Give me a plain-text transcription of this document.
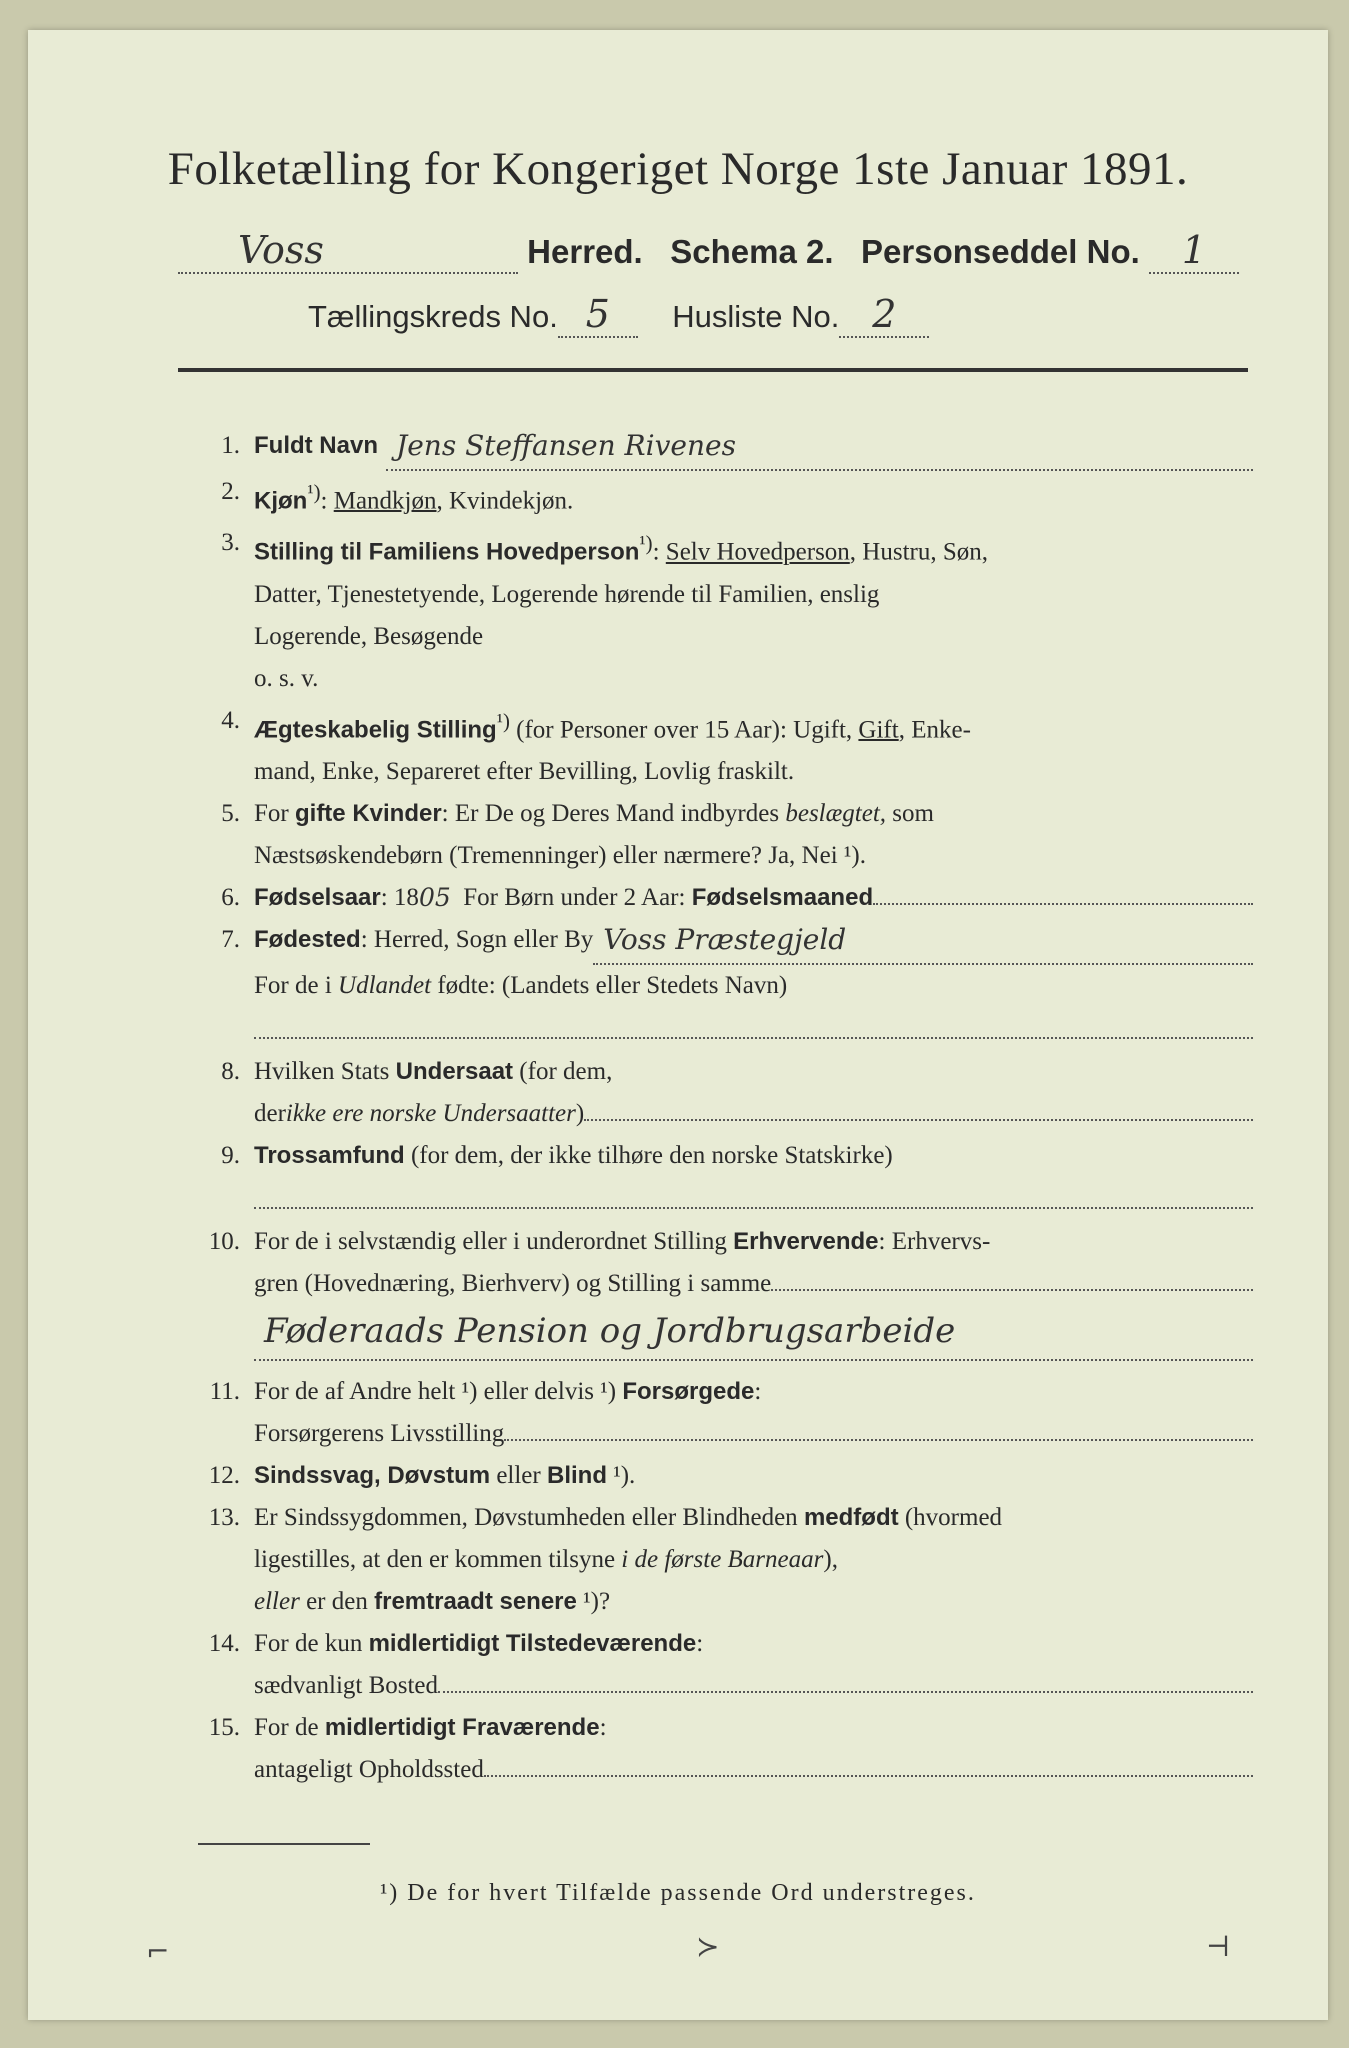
Folketælling for Kongeriget Norge 1ste Januar 1891.
Voss	Herred. Schema 2. Personseddel No. 1
Tællingskreds No. 5 Husliste No. 2
1. Fuldt Navn Jens Steffansen Rivenes
2. Kjøn$^{^1)}$: Mandkjøn, Kvindekjøn.
3. Stilling til Familiens Hovedperson$^{^1)}$: Selv Hovedperson, Hustru, Søn,
Datter, Tjenestetyende, Logerende hørende til Familien, enslig
Logerende, Besøgende
o. s. v.
4. Ægteskabelig Stilling$^{^1)}$ (for Personer over 15 Aar): Ugift, Gift, Enke-
mand, Enke, Separeret efter Bevilling, Lovlig fraskilt.
5. For gifte Kvinder: Er De og Deres Mand indbyrdes beslægtet, som
Næstsøskendebørn (Tremenninger) eller nærmere? Ja, Nei ¹).
6. Fødselsaar : 18 05 For Børn under 2 Aar: Fødselsmaaned
7. Fødested : Herred, Sogn eller By Voss Præstegjeld
For de i Udlandet fødte: (Landets eller Stedets Navn)
8. Hvilken Stats Undersaat (for dem,

der ikke ere norske Undersaatter )
9. Trossamfund (for dem, der ikke tilhøre den norske Statskirke)
10. For de i selvstændig eller i underordnet Stilling Erhvervende: Erhvervs-

gren (Hovednæring, Bierhverv) og Stilling i samme
Føderaads Pension og Jordbrugsarbeide
11. For de af Andre helt ¹) eller delvis ¹) Forsørgede:

Forsørgerens Livsstilling
12. Sindssvag, Døvstum eller Blind ¹).
13. Er Sindssygdommen, Døvstumheden eller Blindheden medfødt (hvormed
ligestilles, at den er kommen tilsyne i de første Barneaar),
eller er den fremtraadt senere ¹)?
14. For de kun midlertidigt Tilstedeværende:

sædvanligt Bosted
15. For de midlertidigt Fraværende:

antageligt Opholdssted
¹) De for hvert Tilfælde passende Ord understreges.
⌐	≻	⊣
